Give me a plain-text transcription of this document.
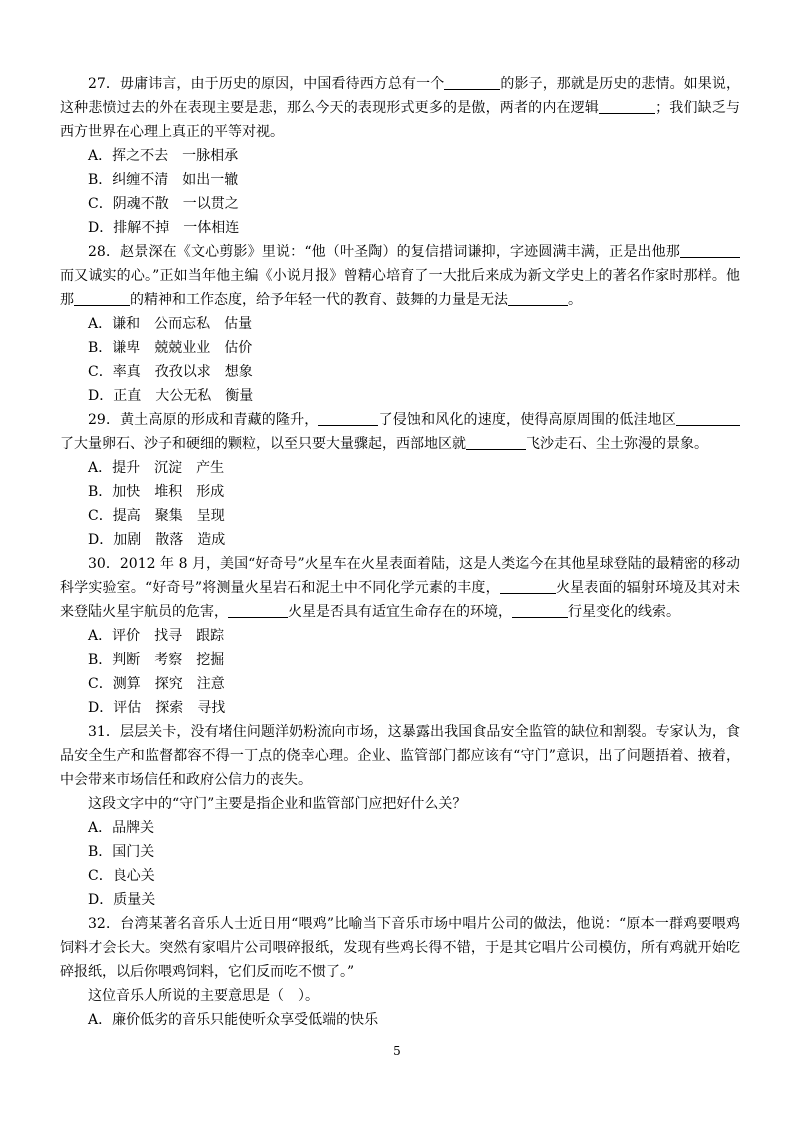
27．毋庸讳言，由于历史的原因，中国看待西方总有一个	的影子，那就是历史的悲情。如果说，这种悲愤过去的外在表现主要是悲，那么今天的表现形式更多的是傲，两者的内在逻辑	；我们缺乏与西方世界在心理上真正的平等对视。

A．挥之不去　一脉相承

B．纠缠不清　如出一辙

C．阴魂不散　一以贯之

D．排解不掉　一体相连

28．赵景深在《文心剪影》里说：“他（叶圣陶）的复信措词谦抑，字迹圆满丰满，正是出他那而又诚实的心。”正如当年他主编《小说月报》曾精心培育了一大批后来成为新文学史上的著名作家时那样。他那	的精神和工作态度，给予年轻一代的教育、鼓舞的力量是无法	。

A．谦和　公而忘私　估量

B．谦卑　兢兢业业　估价

C．率真　孜孜以求　想象

D．正直　大公无私　衡量

29．黄土高原的形成和青藏的隆升，	了侵蚀和风化的速度，使得高原周围的低洼地区了大量卵石、沙子和硬细的颗粒，以至只要大量骤起，西部地区就	飞沙走石、尘土弥漫的景象。

A．提升　沉淀　产生

B．加快　堆积　形成

C．提高　聚集　呈现

D．加剧　散落　造成

30．2012 年 8 月，美国“好奇号”火星车在火星表面着陆，这是人类迄今在其他星球登陆的最精密的移动科学实验室。“好奇号”将测量火星岩石和泥土中不同化学元素的丰度，	火星表面的辐射环境及其对未来登陆火星宇航员的危害，	火星是否具有适宜生命存在的环境，	行星变化的线索。

A．评价　找寻　跟踪

B．判断　考察　挖掘

C．测算　探究　注意

D．评估　探索　寻找

31．层层关卡，没有堵住问题洋奶粉流向市场，这暴露出我国食品安全监管的缺位和割裂。专家认为，食品安全生产和监督都容不得一丁点的侥幸心理。企业、监管部门都应该有“守门”意识，出了问题捂着、掖着，中会带来市场信任和政府公信力的丧失。

这段文字中的“守门”主要是指企业和监管部门应把好什么关？

A．品牌关

B．国门关

C．良心关

D．质量关

32．台湾某著名音乐人士近日用“喂鸡”比喻当下音乐市场中唱片公司的做法，他说：“原本一群鸡要喂鸡饲料才会长大。突然有家唱片公司喂碎报纸，发现有些鸡长得不错，于是其它唱片公司模仿，所有鸡就开始吃碎报纸，以后你喂鸡饲料，它们反而吃不惯了。”

这位音乐人所说的主要意思是（　）。

A．廉价低劣的音乐只能使听众享受低端的快乐

5
